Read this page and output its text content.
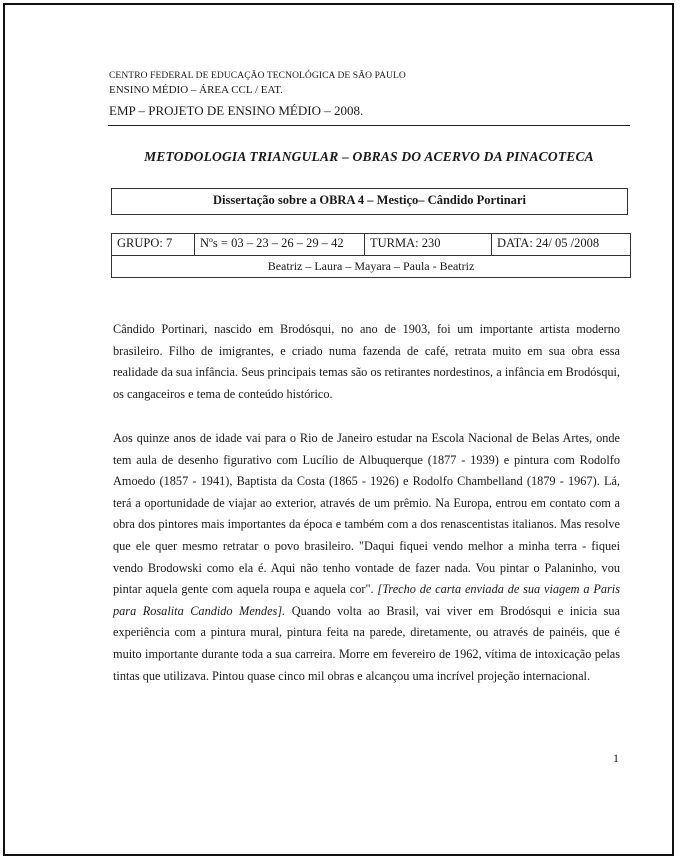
CENTRO FEDERAL DE EDUCAÇÃO TECNOLÓGICA DE SÃO PAULO
ENSINO MÉDIO – ÁREA CCL / EAT.
EMP – PROJETO DE ENSINO MÉDIO – 2008.
METODOLOGIA TRIANGULAR – OBRAS DO ACERVO DA PINACOTECA
Dissertação sobre a OBRA 4 – Mestiço– Cândido Portinari
GRUPO: 7	Nºs = 03 – 23 – 26 – 29 – 42	TURMA: 230	DATA: 24/ 05 /2008
Beatriz – Laura – Mayara – Paula - Beatriz
Cândido Portinari, nascido em Brodósqui, no ano de 1903, foi um importante artista moderno brasileiro. Filho de imigrantes, e criado numa fazenda de café, retrata muito em sua obra essa realidade da sua infância. Seus principais temas são os retirantes nordestinos, a infância em Brodósqui, os cangaceiros e tema de conteúdo histórico.
Aos quinze anos de idade vai para o Rio de Janeiro estudar na Escola Nacional de Belas Artes, onde tem aula de desenho figurativo com Lucílio de Albuquerque (1877 - 1939) e pintura com Rodolfo Amoedo (1857 - 1941), Baptista da Costa (1865 - 1926) e Rodolfo Chambelland (1879 - 1967). Lá, terá a oportunidade de viajar ao exterior, através de um prêmio. Na Europa, entrou em contato com a obra dos pintores mais importantes da época e também com a dos renascentistas italianos. Mas resolve que ele quer mesmo retratar o povo brasileiro. "Daqui fiquei vendo melhor a minha terra - fiquei vendo Brodowski como ela é. Aqui não tenho vontade de fazer nada. Vou pintar o Palaninho, vou pintar aquela gente com aquela roupa e aquela cor". [Trecho de carta enviada de sua viagem a Paris para Rosalita Candido Mendes]. Quando volta ao Brasil, vai viver em Brodósqui e inicia sua experiência com a pintura mural, pintura feita na parede, diretamente, ou através de painéis, que é muito importante durante toda a sua carreira. Morre em fevereiro de 1962, vítima de intoxicação pelas tintas que utilizava. Pintou quase cinco mil obras e alcançou uma incrível projeção internacional.
1
